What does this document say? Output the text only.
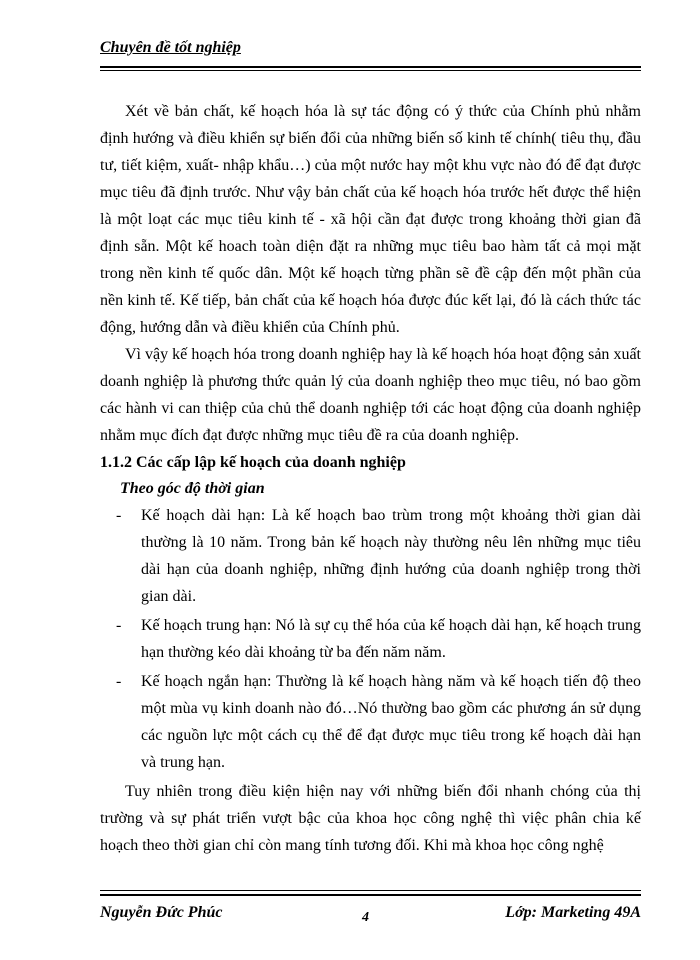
Chuyên đề tốt nghiệp

Xét về bản chất, kế hoạch hóa là sự tác động có ý thức của Chính phủ nhằm định hướng và điều khiển sự biến đổi của những biến số kinh tế chính( tiêu thụ, đầu tư, tiết kiệm, xuất- nhập khẩu…) của một nước hay một khu vực nào đó để đạt được mục tiêu đã định trước. Như vậy bản chất của kế hoạch hóa trước hết được thể hiện là một loạt các mục tiêu kinh tế - xã hội cần đạt được trong khoảng thời gian đã định sẵn. Một kế hoach toàn diện đặt ra những mục tiêu bao hàm tất cả mọi mặt trong nền kinh tế quốc dân. Một kế hoạch từng phần sẽ đề cập đến một phần của nền kinh tế. Kế tiếp, bản chất của kế hoạch hóa được đúc kết lại, đó là cách thức tác động, hướng dẫn và điều khiển của Chính phủ.

Vì vậy kế hoạch hóa trong doanh nghiệp hay là kế hoạch hóa hoạt động sản xuất doanh nghiệp là phương thức quản lý của doanh nghiệp theo mục tiêu, nó bao gồm các hành vi can thiệp của chủ thể doanh nghiệp tới các hoạt động của doanh nghiệp nhằm mục đích đạt được những mục tiêu đề ra của doanh nghiệp.

1.1.2 Các cấp lập kế hoạch của doanh nghiệp
Theo góc độ thời gian
- Kế hoạch dài hạn: Là kế hoạch bao trùm trong một khoảng thời gian dài thường là 10 năm. Trong bản kế hoạch này thường nêu lên những mục tiêu dài hạn của doanh nghiệp, những định hướng của doanh nghiệp trong thời gian dài.
- Kế hoạch trung hạn: Nó là sự cụ thể hóa của kế hoạch dài hạn, kế hoạch trung hạn thường kéo dài khoảng từ ba đến năm năm.
- Kế hoạch ngắn hạn: Thường là kế hoạch hàng năm và kế hoạch tiến độ theo một mùa vụ kinh doanh nào đó…Nó thường bao gồm các phương án sử dụng các nguồn lực một cách cụ thể để đạt được mục tiêu trong kế hoạch dài hạn và trung hạn.

Tuy nhiên trong điều kiện hiện nay với những biến đổi nhanh chóng của thị trường và sự phát triển vượt bậc của khoa học công nghệ thì việc phân chia kế hoạch theo thời gian chỉ còn mang tính tương đối. Khi mà khoa học công nghệ

Nguyễn Đức Phúc	4	Lớp: Marketing 49A
